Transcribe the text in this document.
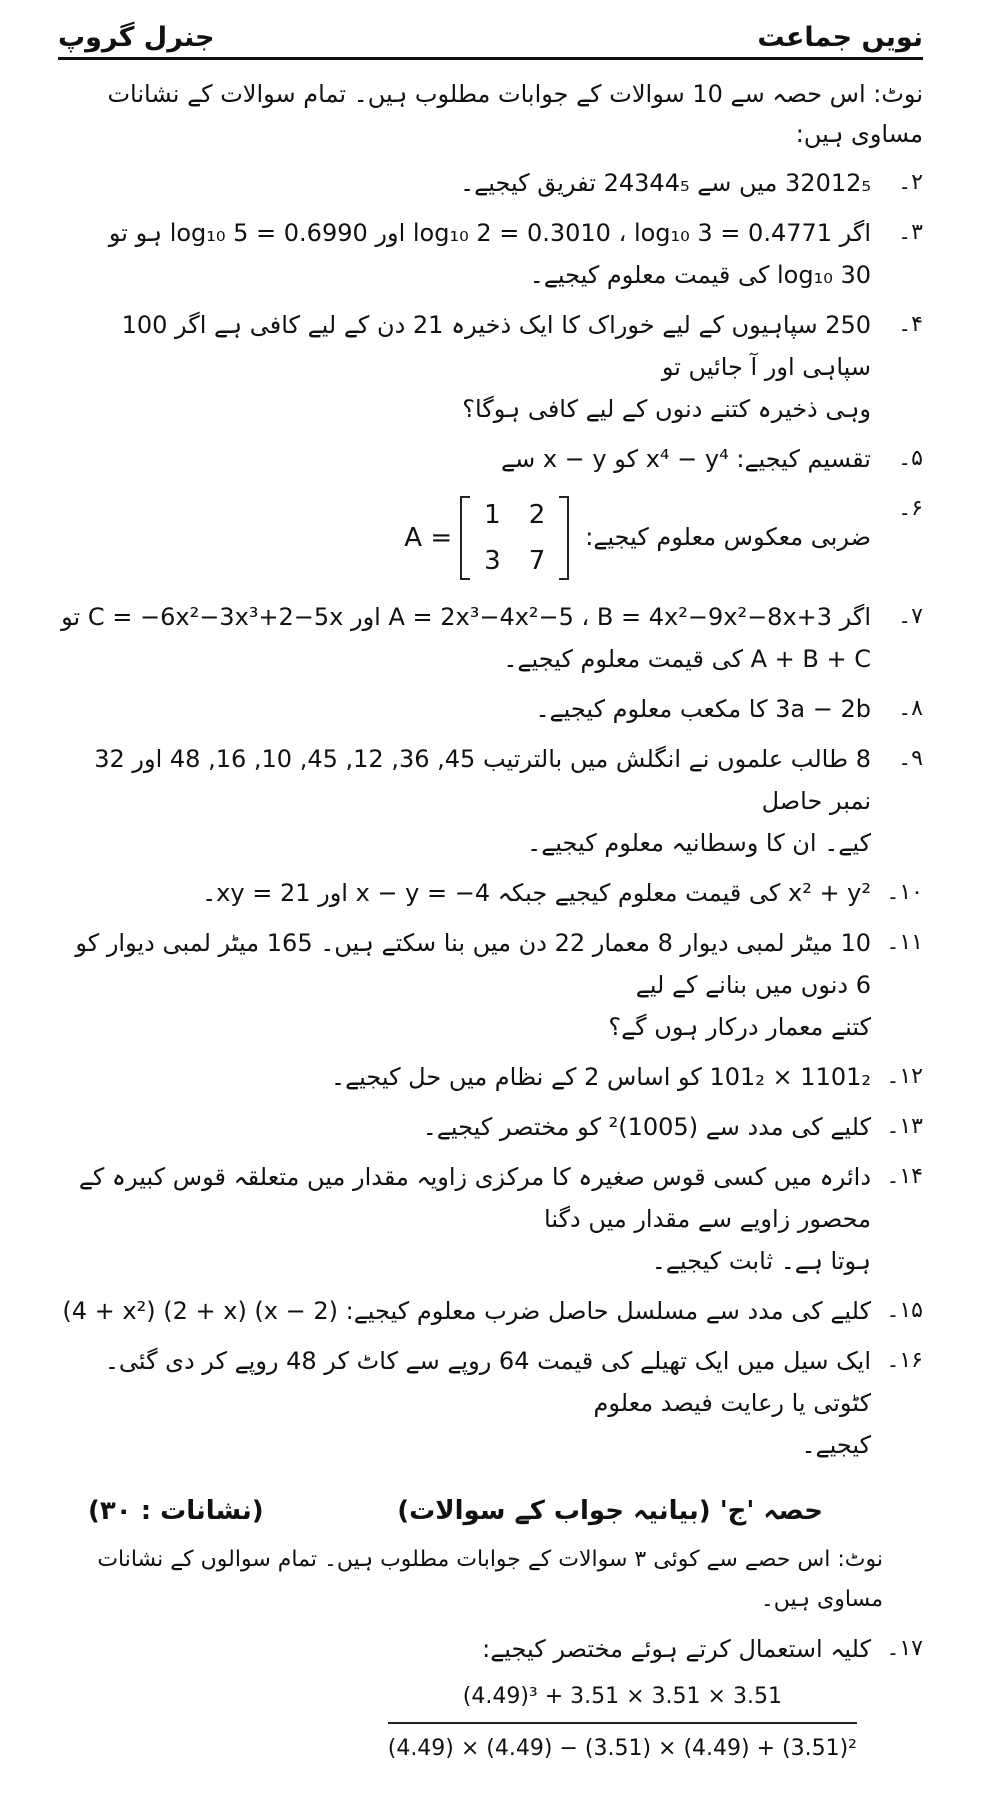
نویں جماعت
جنرل گروپ
نوٹ: اس حصہ سے 10 سوالات کے جوابات مطلوب ہیں۔ تمام سوالات کے نشانات مساوی ہیں:
۲۔
32012₅ میں سے 24344₅ تفریق کیجیے۔
۳۔
اگر log₁₀ 2 = 0.3010 ، log₁₀ 3 = 0.4771 اور log₁₀ 5 = 0.6990 ہو تو
log₁₀ 30 کی قیمت معلوم کیجیے۔
۴۔
250 سپاہیوں کے لیے خوراک کا ایک ذخیرہ 21 دن کے لیے کافی ہے اگر 100 سپاہی اور آ جائیں تو
وہی ذخیرہ کتنے دنوں کے لیے کافی ہوگا؟
۵۔
تقسیم کیجیے: x⁴ − y⁴ کو x − y سے
۶۔
ضربی معکوس معلوم کیجیے:
A =
1	2
3	7
۷۔
اگر A = 2x³−4x²−5 ، B = 4x²−9x²−8x+3 اور C = −6x²−3x³+2−5x تو
A + B + C کی قیمت معلوم کیجیے۔
۸۔
3a − 2b کا مکعب معلوم کیجیے۔
۹۔
8 طالب علموں نے انگلش میں بالترتیب 45, 36, 12, 45, 10, 16, 48 اور 32 نمبر حاصل
کیے۔ ان کا وسطانیہ معلوم کیجیے۔
۱۰۔
x² + y² کی قیمت معلوم کیجیے جبکہ x − y = −4 اور xy = 21۔
۱۱۔
10 میٹر لمبی دیوار 8 معمار 22 دن میں بنا سکتے ہیں۔ 165 میٹر لمبی دیوار کو 6 دنوں میں بنانے کے لیے
کتنے معمار درکار ہوں گے؟
۱۲۔
1101₂ × 101₂ کو اساس 2 کے نظام میں حل کیجیے۔
۱۳۔
کلیے کی مدد سے (1005)² کو مختصر کیجیے۔
۱۴۔
دائرہ میں کسی قوس صغیرہ کا مرکزی زاویہ مقدار میں متعلقہ قوس کبیرہ کے محصور زاویے سے مقدار میں دگنا
ہوتا ہے۔ ثابت کیجیے۔
۱۵۔
کلیے کی مدد سے مسلسل حاصل ضرب معلوم کیجیے: (2 − x) (2 + x) (4 + x²)
۱۶۔
ایک سیل میں ایک تھیلے کی قیمت 64 روپے سے کاٹ کر 48 روپے کر دی گئی۔ کٹوتی یا رعایت فیصد معلوم
کیجیے۔
حصہ 'ج' (بیانیہ جواب کے سوالات)
(نشانات : ۳۰)
نوٹ: اس حصے سے کوئی ۳ سوالات کے جوابات مطلوب ہیں۔ تمام سوالوں کے نشانات مساوی ہیں۔
۱۷۔
کلیہ استعمال کرتے ہوئے مختصر کیجیے:
$\frac{\text{(4.49)³ + 3.51 × 3.51 × 3.51}}{\text{(4.49) × (4.49) − (3.51) × (4.49) + (3.51)²}}$
